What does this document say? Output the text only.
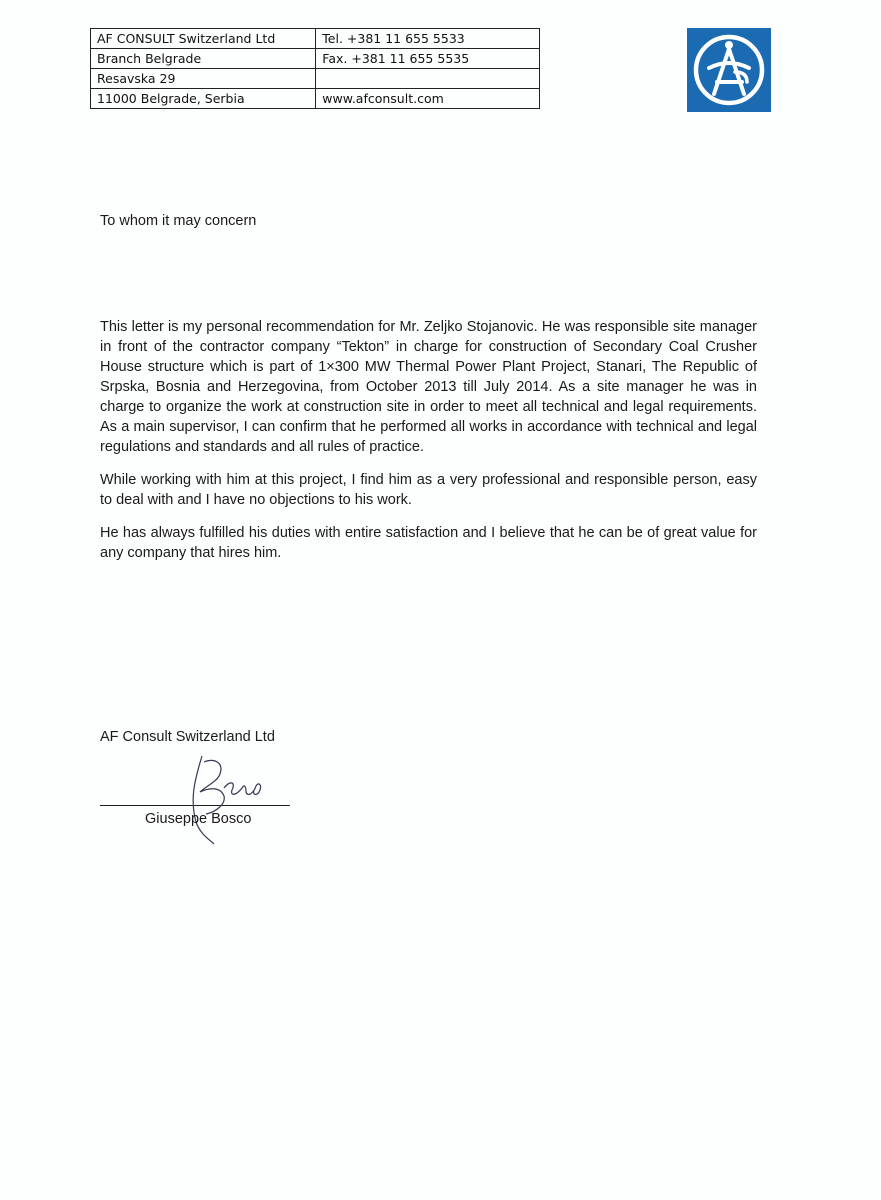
AF CONSULT Switzerland Ltd	Tel. +381 11 655 5533
Branch Belgrade	Fax. +381 11 655 5535
Resavska 29	
11000 Belgrade, Serbia	www.afconsult.com
To whom it may concern

This letter is my personal recommendation for Mr. Zeljko Stojanovic. He was responsible site manager in front of the contractor company “Tekton” in charge for construction of Secondary Coal Crusher House structure which is part of 1×300 MW Thermal Power Plant Project, Stanari, The Republic of Srpska, Bosnia and Herzegovina, from October 2013 till July 2014. As a site manager he was in charge to organize the work at construction site in order to meet all technical and legal requirements. As a main supervisor, I can confirm that he performed all works in accordance with technical and legal regulations and standards and all rules of practice.

While working with him at this project, I find him as a very professional and responsible person, easy to deal with and I have no objections to his work.

He has always fulfilled his duties with entire satisfaction and I believe that he can be of great value for any company that hires him.

AF Consult Switzerland Ltd
Giuseppe Bosco
